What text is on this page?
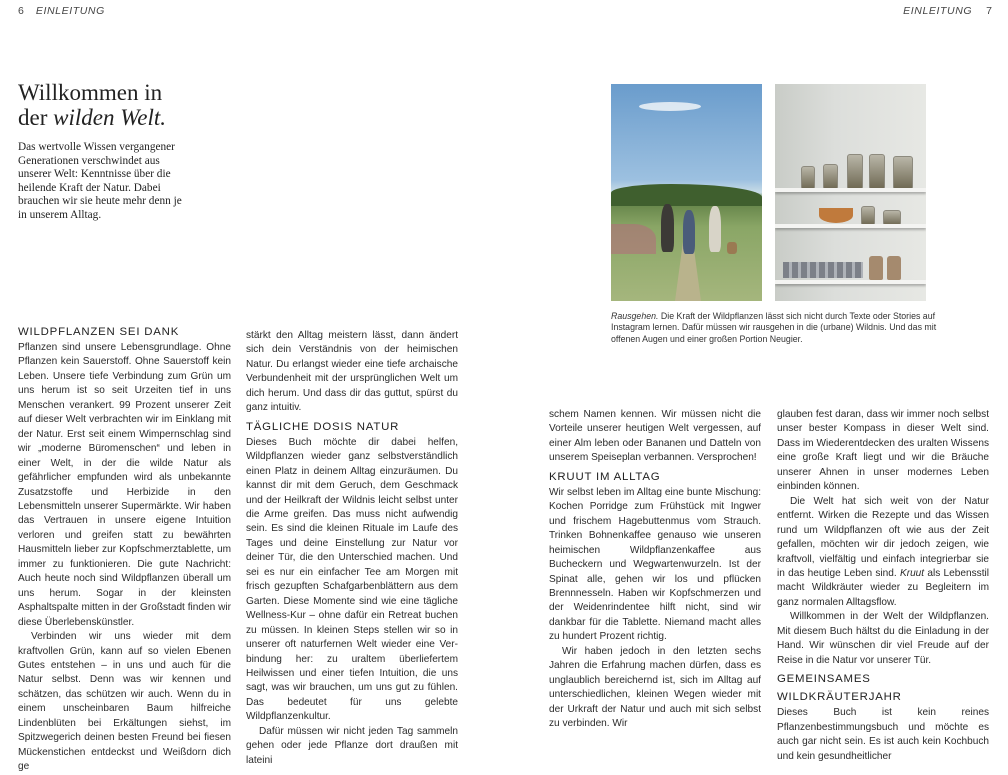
6 EINLEITUNG	EINLEITUNG 7
Willkommen in
der wilden Welt.

Das wertvolle Wissen vergangener Generationen verschwindet aus unserer Welt: Kenntnisse über die heilende Kraft der Natur. Dabei brauchen wir sie heute mehr denn je in unserem Alltag.

Rausgehen. Die Kraft der Wildpflanzen lässt sich nicht durch Texte oder Stories auf Instagram lernen. Dafür müssen wir rausgehen in die (urbane) Wildnis. Und das mit offenen Augen und einer großen Portion Neugier.

WILDPFLANZEN SEI DANK

Pflanzen sind unsere Lebensgrundlage. Ohne Pflanzen kein Sauerstoff. Ohne Sauerstoff kein Leben. Unsere tiefe Verbindung zum Grün um uns herum ist so seit Urzeiten tief in uns Menschen verankert. 99 Prozent unserer Zeit auf dieser Welt verbrachten wir im Einklang mit der Natur. Erst seit einem Wimpernschlag sind wir „moderne Büromenschen“ und leben in einer Welt, in der die wilde Natur als gefährlicher empfunden wird als unbekannte Zusatzstoffe und Herbizide in den Lebensmitteln unserer Supermärkte. Wir haben das Vertrauen in unsere eigene Intuition verloren und greifen statt zu bewährten Hausmitteln lieber zur Kopfschmerztablette, um immer zu funktionieren. Die gute Nachricht: Auch heute noch sind Wildpflanzen überall um uns herum. Sogar in der kleinsten Asphaltspalte mitten in der Großstadt finden wir diese Überlebenskünstler.

Verbinden wir uns wieder mit dem kraftvollen Grün, kann auf so vielen Ebenen Gutes entstehen – in uns und auch für die Natur selbst. Denn was wir kennen und schätzen, das schützen wir auch. Wenn du in einem unscheinbaren Baum hilfreiche Lindenblüten bei Erkältungen siehst, im Spitzwegerich deinen besten Freund bei fiesen Mückenstichen entdeckst und Weißdorn dich ge

stärkt den Alltag meistern lässt, dann ändert sich dein Verständnis von der heimischen Natur. Du erlangst wieder eine tiefe archaische Verbundenheit mit der ursprünglichen Welt um dich herum. Und dass dir das guttut, spürst du ganz intuitiv.

TÄGLICHE DOSIS NATUR

Dieses Buch möchte dir dabei helfen, Wildpflanzen wieder ganz selbstverständlich einen Platz in deinem Alltag einzuräumen. Du kannst dir mit dem Geruch, dem Geschmack und der Heilkraft der Wildnis leicht selbst unter die Arme greifen. Das muss nicht aufwendig sein. Es sind die kleinen Rituale im Laufe des Tages und deine Einstellung zur Natur vor deiner Tür, die den Unterschied machen. Und sei es nur ein einfacher Tee am Morgen mit frisch gezupften Schafgarbenblättern aus dem Garten. Diese Momente sind wie eine tägliche Wellness-Kur – ohne dafür ein Retreat buchen zu müssen. In kleinen Steps stellen wir so in unserer oft naturfernen Welt wieder eine Verbindung her: zu uraltem überliefertem Heilwissen und einer tiefen Intuition, die uns sagt, was wir brauchen, um uns gut zu fühlen. Das bedeutet für uns gelebte Wildpflanzenkultur.

Dafür müssen wir nicht jeden Tag sammeln gehen oder jede Pflanze dort draußen mit lateini

schem Namen kennen. Wir müssen nicht die Vorteile unserer heutigen Welt vergessen, auf einer Alm leben oder Bananen und Datteln von unserem Speiseplan verbannen. Versprochen!

KRUUT IM ALLTAG

Wir selbst leben im Alltag eine bunte Mischung: Kochen Porridge zum Frühstück mit Ingwer und frischem Hagebuttenmus vom Strauch. Trinken Bohnenkaffee genauso wie unseren heimischen Wildpflanzenkaffee aus Bucheckern und Wegwartenwurzeln. Ist der Spinat alle, gehen wir los und pflücken Brennnesseln. Haben wir Kopfschmerzen und der Weidenrindentee hilft nicht, sind wir dankbar für die Tablette. Niemand macht alles zu hundert Prozent richtig.

Wir haben jedoch in den letzten sechs Jahren die Erfahrung machen dürfen, dass es unglaublich bereichernd ist, sich im Alltag auf unterschiedlichen, kleinen Wegen wieder mit der Urkraft der Natur und auch mit sich selbst zu verbinden. Wir

glauben fest daran, dass wir immer noch selbst unser bester Kompass in dieser Welt sind. Dass im Wiederentdecken des uralten Wissens eine große Kraft liegt und wir die Bräuche unserer Ahnen in unser modernes Leben einbinden können.

Die Welt hat sich weit von der Natur entfernt. Wirken die Rezepte und das Wissen rund um Wildpflanzen oft wie aus der Zeit gefallen, möchten wir dir jedoch zeigen, wie kraftvoll, vielfältig und einfach integrierbar sie in das heutige Leben sind. Kruut als Lebensstil macht Wildkräuter wieder zu Begleitern im ganz normalen Alltagsflow.

Willkommen in der Welt der Wildpflanzen. Mit diesem Buch hältst du die Einladung in der Hand. Wir wünschen dir viel Freude auf der Reise in die Natur vor unserer Tür.

GEMEINSAMES WILDKRÄUTERJAHR

Dieses Buch ist kein reines Pflanzenbestimmungsbuch und möchte es auch gar nicht sein. Es ist auch kein Kochbuch und kein gesundheitlicher
